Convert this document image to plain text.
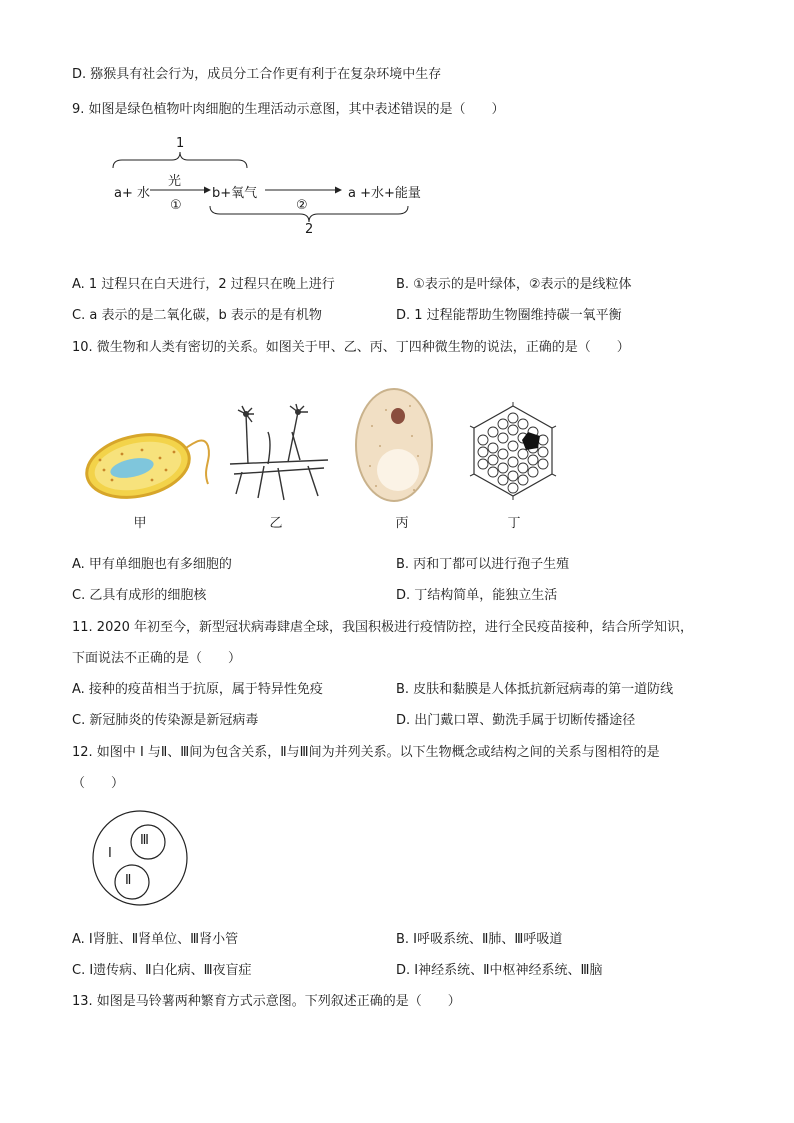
D. 猕猴具有社会行为，成员分工合作更有利于在复杂环境中生存
9. 如图是绿色植物叶肉细胞的生理活动示意图，其中表述错误的是（　　）
1
a+ 水
光
①
b+氧气
②
a +水+能量
2
A. 1 过程只在白天进行，2 过程只在晚上进行	B. ①表示的是叶绿体，②表示的是线粒体
C. a 表示的是二氧化碳，b 表示的是有机物	D. 1 过程能帮助生物圈维持碳一氧平衡
10. 微生物和人类有密切的关系。如图关于甲、乙、丙、丁四种微生物的说法，正确的是（　　）
甲	乙	丙	丁
A. 甲有单细胞也有多细胞的	B. 丙和丁都可以进行孢子生殖
C. 乙具有成形的细胞核	D. 丁结构简单，能独立生活
11. 2020 年初至今，新型冠状病毒肆虐全球，我国积极进行疫情防控，进行全民疫苗接种，结合所学知识，
下面说法不正确的是（　　）
A. 接种的疫苗相当于抗原，属于特异性免疫	B. 皮肤和黏膜是人体抵抗新冠病毒的第一道防线
C. 新冠肺炎的传染源是新冠病毒	D. 出门戴口罩、勤洗手属于切断传播途径
12. 如图中 Ⅰ 与Ⅱ、Ⅲ间为包含关系，Ⅱ与Ⅲ间为并列关系。以下生物概念或结构之间的关系与图相符的是
（　　）
Ⅰ
Ⅲ
Ⅱ
A. Ⅰ肾脏、Ⅱ肾单位、Ⅲ肾小管	B. Ⅰ呼吸系统、Ⅱ肺、Ⅲ呼吸道
C. Ⅰ遗传病、Ⅱ白化病、Ⅲ夜盲症	D. Ⅰ神经系统、Ⅱ中枢神经系统、Ⅲ脑
13. 如图是马铃薯两种繁育方式示意图。下列叙述正确的是（　　）
